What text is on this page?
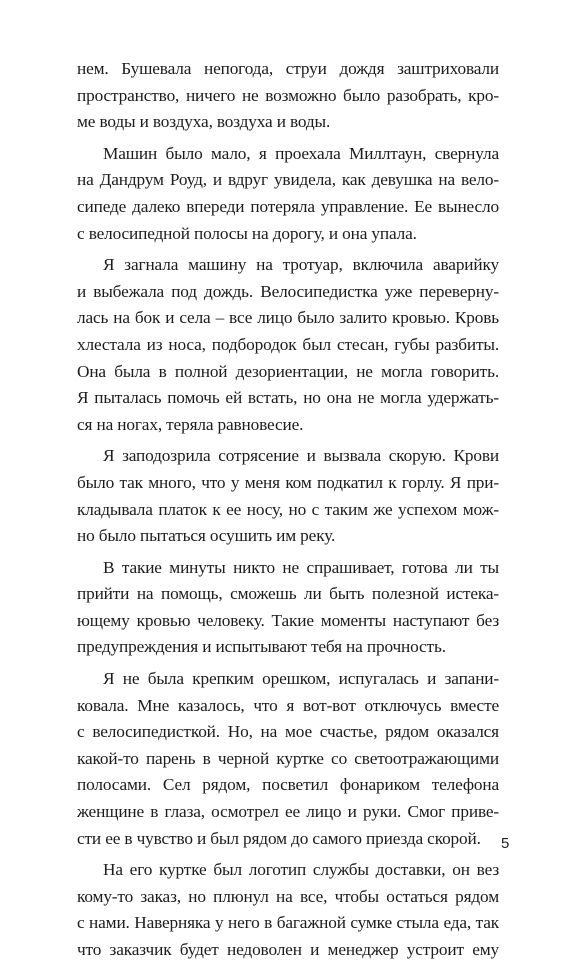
нем. Бушевала непогода, струи дождя заштриховали
пространство, ничего не возможно было разобрать, кро-
ме воды и воздуха, воздуха и воды.
Машин было мало, я проехала Миллтаун, свернула
на Дандрум Роуд, и вдруг увидела, как девушка на вело-
сипеде далеко впереди потеряла управление. Ее вынесло
с велосипедной полосы на дорогу, и она упала.
Я загнала машину на тротуар, включила аварийку
и выбежала под дождь. Велосипедистка уже перевернy-
лась на бок и села – все лицо было залито кровью. Кровь
хлестала из носа, подбородок был стесан, губы разбиты.
Она была в полной дезориентации, не могла говорить.
Я пыталась помочь ей встать, но она не могла удержать-
ся на ногах, теряла равновесие.
Я заподозрила сотрясение и вызвала скорую. Крови
было так много, что у меня ком подкатил к горлу. Я при-
кладывала платок к ее носу, но с таким же успехом мож-
но было пытаться осушить им реку.
В такие минуты никто не спрашивает, готова ли ты
прийти на помощь, сможешь ли быть полезной истека-
ющему кровью человеку. Такие моменты наступают без
предупреждения и испытывают тебя на прочность.
Я не была крепким орешком, испугалась и запани-
ковала. Мне казалось, что я вот-вот отключусь вместе
с велосипедисткой. Но, на мое счастье, рядом оказался
какой-то парень в черной куртке со светоотражающими
полосами. Сел рядом, посветил фонариком телефона
женщине в глаза, осмотрел ее лицо и руки. Смог приве-
сти ее в чувство и был рядом до самого приезда скорой.
На его куртке был логотип службы доставки, он вез
кому-то заказ, но плюнул на все, чтобы остаться рядом
с нами. Наверняка у него в багажной сумке стыла еда, так
что заказчик будет недоволен и менеджер устроит ему
5
